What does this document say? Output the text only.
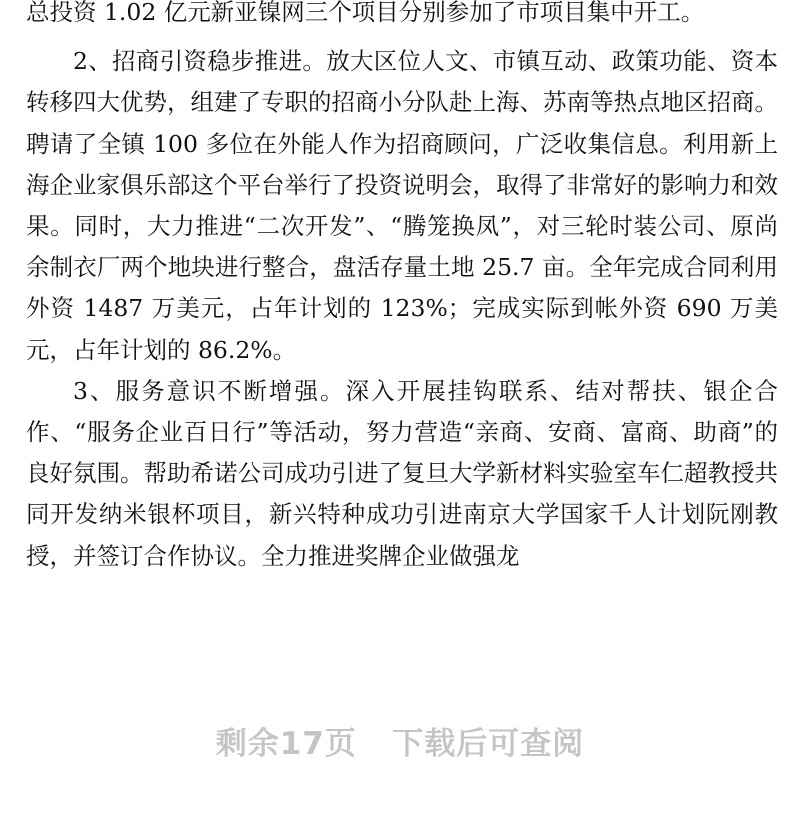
总投资 1.02 亿元新亚镍网三个项目分别参加了市项目集中开工。

2、招商引资稳步推进。放大区位人文、市镇互动、政策功能、资本转移四大优势，组建了专职的招商小分队赴上海、苏南等热点地区招商。聘请了全镇 100 多位在外能人作为招商顾问，广泛收集信息。利用新上海企业家俱乐部这个平台举行了投资说明会，取得了非常好的影响力和效果。同时，大力推进“二次开发”、“腾笼换凤”，对三轮时装公司、原尚余制衣厂两个地块进行整合，盘活存量土地 25.7 亩。全年完成合同利用外资 1487 万美元，占年计划的 123%；完成实际到帐外资 690 万美元，占年计划的 86.2%。

3、服务意识不断增强。深入开展挂钩联系、结对帮扶、银企合作、“服务企业百日行”等活动，努力营造“亲商、安商、富商、助商”的良好氛围。帮助希诺公司成功引进了复旦大学新材料实验室车仁超教授共同开发纳米银杯项目，新兴特种成功引进南京大学国家千人计划阮刚教授，并签订合作协议。全力推进奖牌企业做强龙

剩余17页   下载后可查阅
